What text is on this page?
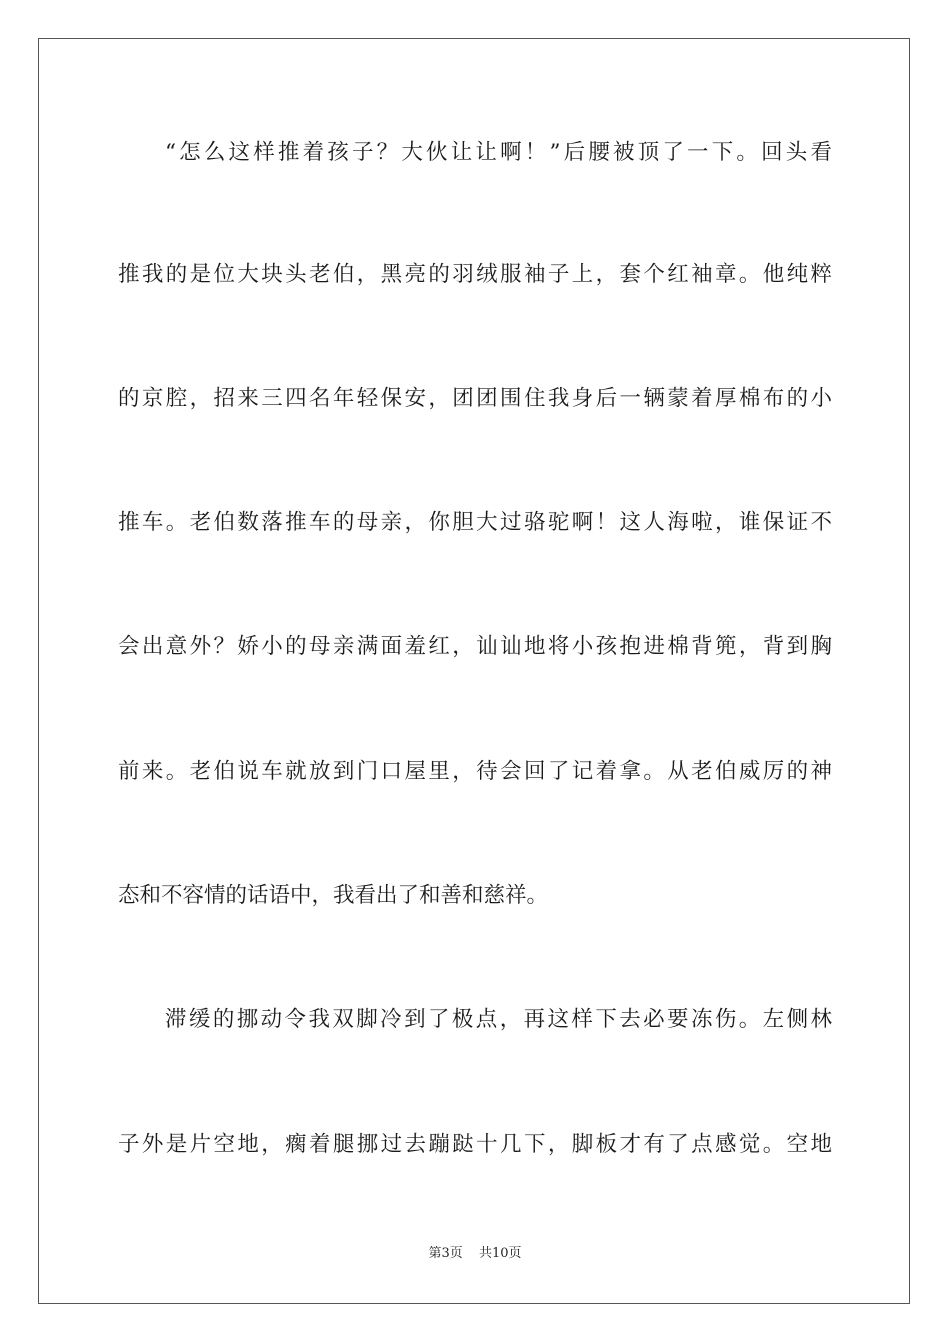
“怎么这样推着孩子？大伙让让啊！”后腰被顶了一下。回头看
推我的是位大块头老伯，黑亮的羽绒服袖子上，套个红袖章。他纯粹
的京腔，招来三四名年轻保安，团团围住我身后一辆蒙着厚棉布的小
推车。老伯数落推车的母亲，你胆大过骆驼啊！这人海啦，谁保证不
会出意外？娇小的母亲满面羞红，讪讪地将小孩抱进棉背篼，背到胸
前来。老伯说车就放到门口屋里，待会回了记着拿。从老伯威厉的神
态和不容情的话语中，我看出了和善和慈祥。
滞缓的挪动令我双脚冷到了极点，再这样下去必要冻伤。左侧林
子外是片空地，瘸着腿挪过去蹦跶十几下，脚板才有了点感觉。空地
第3页 共10页
